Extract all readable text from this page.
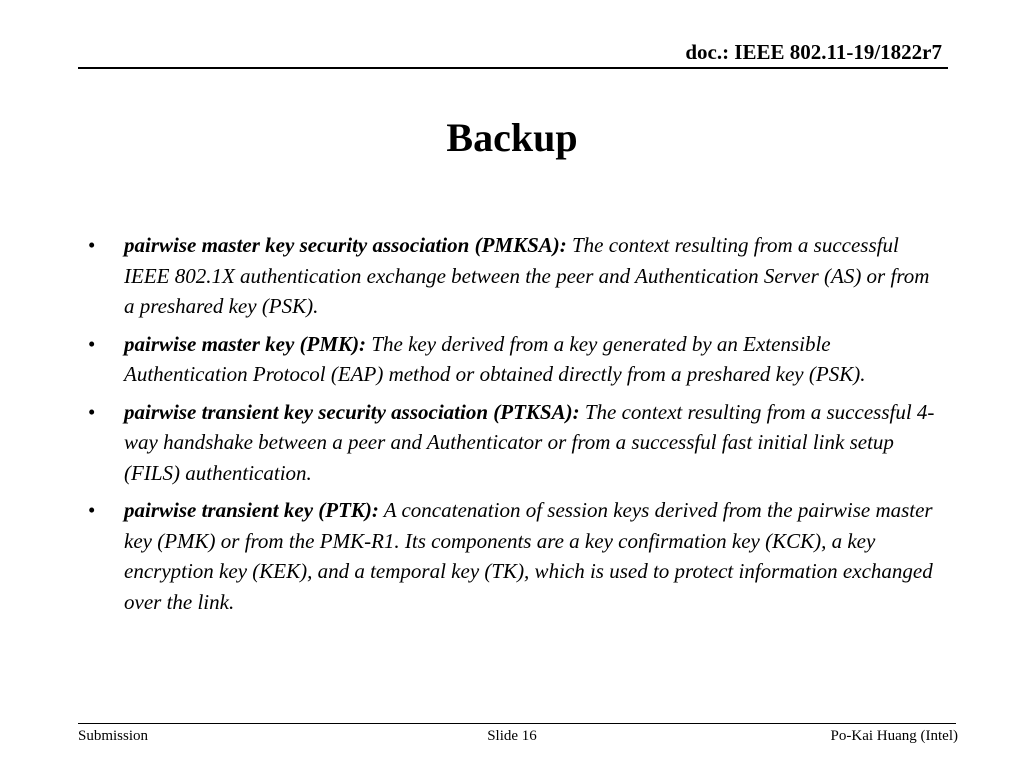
doc.: IEEE 802.11-19/1822r7
Backup
• pairwise master key security association (PMKSA): The context resulting from a successful IEEE 802.1X authentication exchange between the peer and Authentication Server (AS) or from a preshared key (PSK).
• pairwise master key (PMK): The key derived from a key generated by an Extensible Authentication Protocol (EAP) method or obtained directly from a preshared key (PSK).
• pairwise transient key security association (PTKSA): The context resulting from a successful 4-way handshake between a peer and Authenticator or from a successful fast initial link setup (FILS) authentication.
• pairwise transient key (PTK): A concatenation of session keys derived from the pairwise master key (PMK) or from the PMK-R1. Its components are a key confirmation key (KCK), a key encryption key (KEK), and a temporal key (TK), which is used to protect information exchanged over the link.
Submission	Slide 16	Po-Kai Huang (Intel)
